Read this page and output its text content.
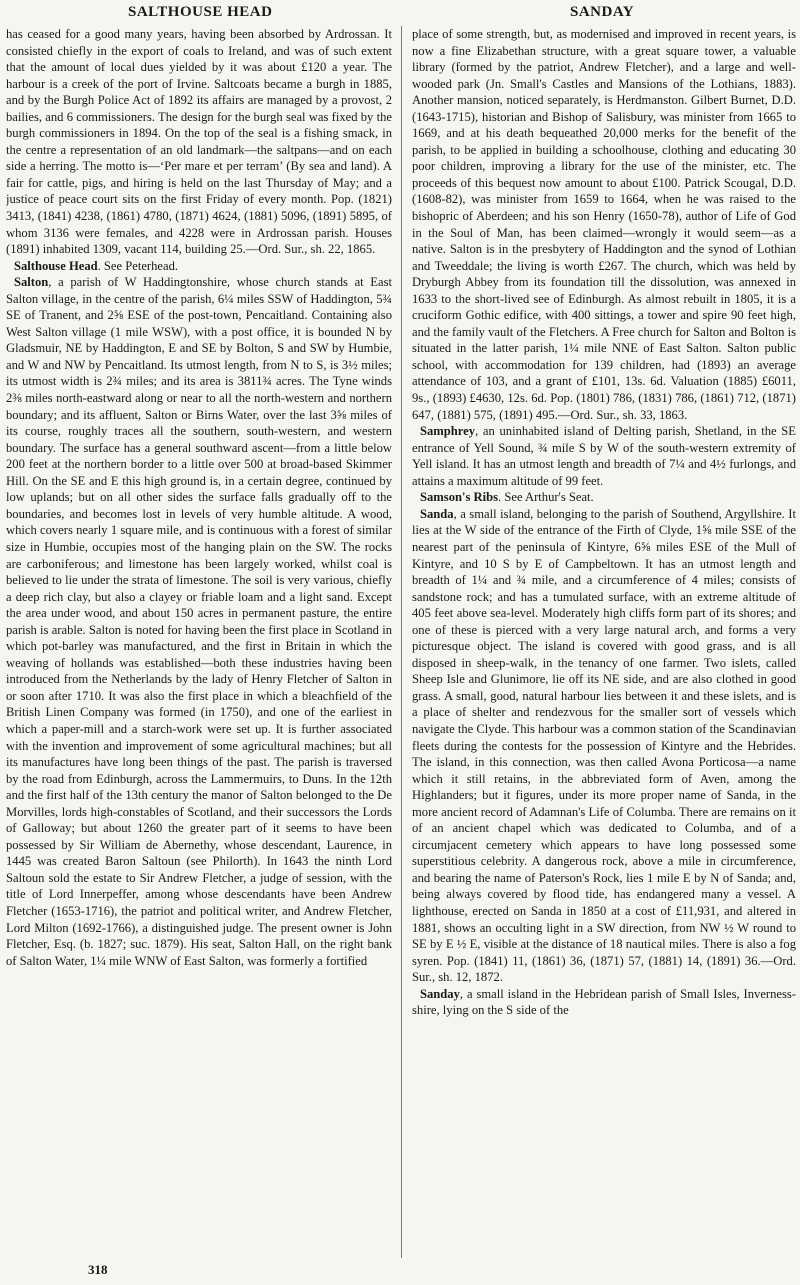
SALTHOUSE HEAD	SANDAY

has ceased for a good many years, having been absorbed by Ardrossan. It consisted chiefly in the export of coals to Ireland, and was of such extent that the amount of local dues yielded by it was about £120 a year. The harbour is a creek of the port of Irvine. Saltcoats became a burgh in 1885, and by the Burgh Police Act of 1892 its affairs are managed by a provost, 2 bailies, and 6 commissioners. The design for the burgh seal was fixed by the burgh commissioners in 1894. On the top of the seal is a fishing smack, in the centre a representation of an old landmark—the saltpans—and on each side a herring. The motto is—‘Per mare et per terram’ (By sea and land). A fair for cattle, pigs, and hiring is held on the last Thursday of May; and a justice of peace court sits on the first Friday of every month. Pop. (1821) 3413, (1841) 4238, (1861) 4780, (1871) 4624, (1881) 5096, (1891) 5895, of whom 3136 were females, and 4228 were in Ardrossan parish. Houses (1891) inhabited 1309, vacant 114, building 25.—Ord. Sur., sh. 22, 1865.

Salthouse Head. See Peterhead.

Salton, a parish of W Haddingtonshire, whose church stands at East Salton village, in the centre of the parish, 6¼ miles SSW of Haddington, 5¾ SE of Tranent, and 2⅝ ESE of the post-town, Pencaitland. Containing also West Salton village (1 mile WSW), with a post office, it is bounded N by Gladsmuir, NE by Haddington, E and SE by Bolton, S and SW by Humbie, and W and NW by Pencaitland. Its utmost length, from N to S, is 3½ miles; its utmost width is 2¾ miles; and its area is 3811¾ acres. The Tyne winds 2⅜ miles north-eastward along or near to all the north-western and northern boundary; and its affluent, Salton or Birns Water, over the last 3⅝ miles of its course, roughly traces all the southern, south-western, and western boundary. The surface has a general southward ascent—from a little below 200 feet at the northern border to a little over 500 at broad-based Skimmer Hill. On the SE and E this high ground is, in a certain degree, continued by low uplands; but on all other sides the surface falls gradually off to the boundaries, and becomes lost in levels of very humble altitude. A wood, which covers nearly 1 square mile, and is continuous with a forest of similar size in Humbie, occupies most of the hanging plain on the SW. The rocks are carboniferous; and limestone has been largely worked, whilst coal is believed to lie under the strata of limestone. The soil is very various, chiefly a deep rich clay, but also a clayey or friable loam and a light sand. Except the area under wood, and about 150 acres in permanent pasture, the entire parish is arable. Salton is noted for having been the first place in Scotland in which pot-barley was manufactured, and the first in Britain in which the weaving of hollands was established—both these industries having been introduced from the Netherlands by the lady of Henry Fletcher of Salton in or soon after 1710. It was also the first place in which a bleachfield of the British Linen Company was formed (in 1750), and one of the earliest in which a paper-mill and a starch-work were set up. It is further associated with the invention and improvement of some agricultural machines; but all its manufactures have long been things of the past. The parish is traversed by the road from Edinburgh, across the Lammermuirs, to Duns. In the 12th and the first half of the 13th century the manor of Salton belonged to the De Morvilles, lords high-constables of Scotland, and their successors the Lords of Galloway; but about 1260 the greater part of it seems to have been possessed by Sir William de Abernethy, whose descendant, Laurence, in 1445 was created Baron Saltoun (see Philorth). In 1643 the ninth Lord Saltoun sold the estate to Sir Andrew Fletcher, a judge of session, with the title of Lord Innerpeffer, among whose descendants have been Andrew Fletcher (1653-1716), the patriot and political writer, and Andrew Fletcher, Lord Milton (1692-1766), a distinguished judge. The present owner is John Fletcher, Esq. (b. 1827; suc. 1879). His seat, Salton Hall, on the right bank of Salton Water, 1¼ mile WNW of East Salton, was formerly a fortified

place of some strength, but, as modernised and improved in recent years, is now a fine Elizabethan structure, with a great square tower, a valuable library (formed by the patriot, Andrew Fletcher), and a large and well-wooded park (Jn. Small's Castles and Mansions of the Lothians, 1883). Another mansion, noticed separately, is Herdmanston. Gilbert Burnet, D.D. (1643-1715), historian and Bishop of Salisbury, was minister from 1665 to 1669, and at his death bequeathed 20,000 merks for the benefit of the parish, to be applied in building a schoolhouse, clothing and educating 30 poor children, improving a library for the use of the minister, etc. The proceeds of this bequest now amount to about £100. Patrick Scougal, D.D. (1608-82), was minister from 1659 to 1664, when he was raised to the bishopric of Aberdeen; and his son Henry (1650-78), author of Life of God in the Soul of Man, has been claimed—wrongly it would seem—as a native. Salton is in the presbytery of Haddington and the synod of Lothian and Tweeddale; the living is worth £267. The church, which was held by Dryburgh Abbey from its foundation till the dissolution, was annexed in 1633 to the short-lived see of Edinburgh. As almost rebuilt in 1805, it is a cruciform Gothic edifice, with 400 sittings, a tower and spire 90 feet high, and the family vault of the Fletchers. A Free church for Salton and Bolton is situated in the latter parish, 1¼ mile NNE of East Salton. Salton public school, with accommodation for 139 children, had (1893) an average attendance of 103, and a grant of £101, 13s. 6d. Valuation (1885) £6011, 9s., (1893) £4630, 12s. 6d. Pop. (1801) 786, (1831) 786, (1861) 712, (1871) 647, (1881) 575, (1891) 495.—Ord. Sur., sh. 33, 1863.

Samphrey, an uninhabited island of Delting parish, Shetland, in the SE entrance of Yell Sound, ¾ mile S by W of the south-western extremity of Yell island. It has an utmost length and breadth of 7¼ and 4½ furlongs, and attains a maximum altitude of 99 feet.

Samson's Ribs. See Arthur's Seat.

Sanda, a small island, belonging to the parish of Southend, Argyllshire. It lies at the W side of the entrance of the Firth of Clyde, 1⅝ mile SSE of the nearest part of the peninsula of Kintyre, 6⅝ miles ESE of the Mull of Kintyre, and 10 S by E of Campbeltown. It has an utmost length and breadth of 1¼ and ¾ mile, and a circumference of 4 miles; consists of sandstone rock; and has a tumulated surface, with an extreme altitude of 405 feet above sea-level. Moderately high cliffs form part of its shores; and one of these is pierced with a very large natural arch, and forms a very picturesque object. The island is covered with good grass, and is all disposed in sheep-walk, in the tenancy of one farmer. Two islets, called Sheep Isle and Glunimore, lie off its NE side, and are also clothed in good grass. A small, good, natural harbour lies between it and these islets, and is a place of shelter and rendezvous for the smaller sort of vessels which navigate the Clyde. This harbour was a common station of the Scandinavian fleets during the contests for the possession of Kintyre and the Hebrides. The island, in this connection, was then called Avona Porticosa—a name which it still retains, in the abbreviated form of Aven, among the Highlanders; but it figures, under its more proper name of Sanda, in the more ancient record of Adamnan's Life of Columba. There are remains on it of an ancient chapel which was dedicated to Columba, and of a circumjacent cemetery which appears to have long possessed some superstitious celebrity. A dangerous rock, above a mile in circumference, and bearing the name of Paterson's Rock, lies 1 mile E by N of Sanda; and, being always covered by flood tide, has endangered many a vessel. A lighthouse, erected on Sanda in 1850 at a cost of £11,931, and altered in 1881, shows an occulting light in a SW direction, from NW ½ W round to SE by E ½ E, visible at the distance of 18 nautical miles. There is also a fog syren. Pop. (1841) 11, (1861) 36, (1871) 57, (1881) 14, (1891) 36.—Ord. Sur., sh. 12, 1872.

Sanday, a small island in the Hebridean parish of Small Isles, Inverness-shire, lying on the S side of the

318
